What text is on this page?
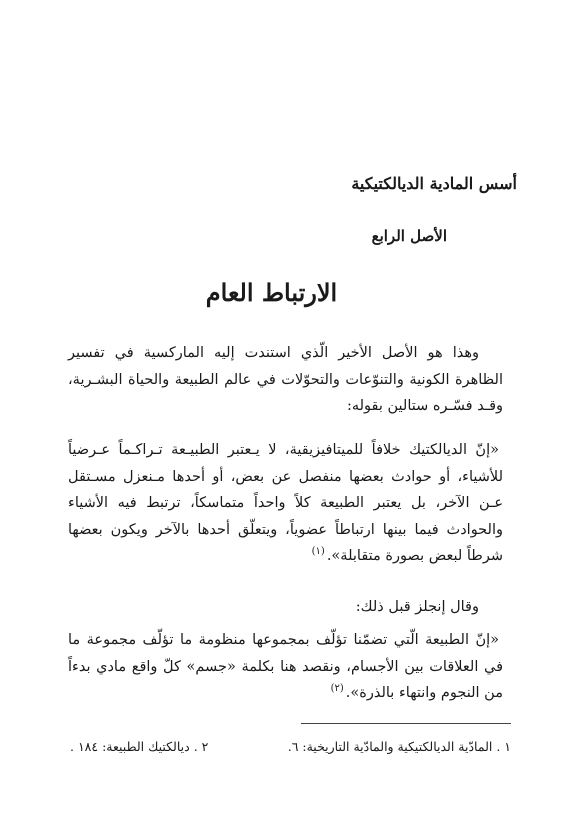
أسس المادية الديالكتيكية
الأصل الرابع
الارتباط العام
وهذا هو الأصل الأخير الّذي استندت إليه الماركسية في تفسير الظاهرة الكونية والتنوّعات والتحوّلات في عالم الطبيعة والحياة البشـرية، وقـد فسّـره ستالين بقوله:
«إنّ الديالكتيك خلافاً للميتافيزيقية، لا يـعتبر الطبيـعة تـراكـماً عـرضياً للأشياء، أو حوادث بعضها منفصل عن بعض، أو أحدها مـنعزل مسـتقل عـن الآخر، بل يعتبر الطبيعة كلاً واحداً متماسكاً، ترتبط فيه الأشياء والحوادث فيما بينها ارتباطاً عضوياً، ويتعلّق أحدها بالآخر ويكون بعضها شرطاً لبعض بصورة متقابلة».$^{(١)}$
وقال إنجلز قبل ذلك:
«إنّ الطبيعة الّتي تضمّنا تؤلّف بمجموعها منظومة ما تؤلّف مجموعة ما في العلاقات بين الأجسام، ونقصد هنا بكلمة «جسم» كلّ واقع مادي بدءاً من النجوم وانتهاء بالذرة».$^{(٢)}$
١ . المادّية الديالكتيكية والمادّية التاريخية: ٦.
٢ . ديالكتيك الطبيعة: ١٨٤ .
